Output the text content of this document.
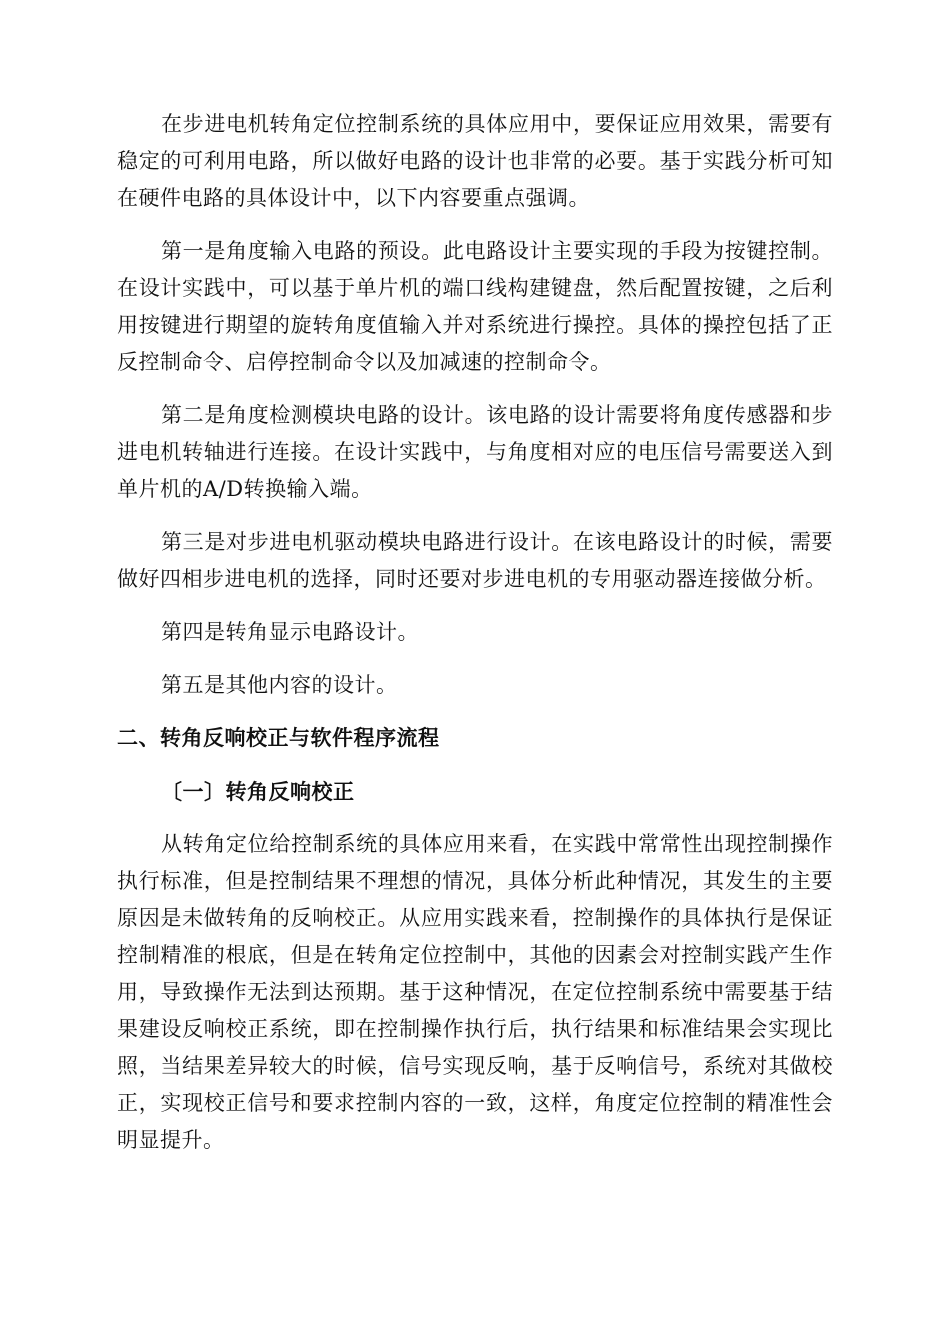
在步进电机转角定位控制系统的具体应用中，要保证应用效果，需要有稳定的可利用电路，所以做好电路的设计也非常的必要。基于实践分析可知在硬件电路的具体设计中，以下内容要重点强调。

第一是角度输入电路的预设。此电路设计主要实现的手段为按键控制。在设计实践中，可以基于单片机的端口线构建键盘，然后配置按键，之后利用按键进行期望的旋转角度值输入并对系统进行操控。具体的操控包括了正反控制命令、启停控制命令以及加减速的控制命令。

第二是角度检测模块电路的设计。该电路的设计需要将角度传感器和步进电机转轴进行连接。在设计实践中，与角度相对应的电压信号需要送入到单片机的A/D转换输入端。

第三是对步进电机驱动模块电路进行设计。在该电路设计的时候，需要做好四相步进电机的选择，同时还要对步进电机的专用驱动器连接做分析。

第四是转角显示电路设计。

第五是其他内容的设计。

二、转角反响校正与软件程序流程
〔一〕转角反响校正

从转角定位给控制系统的具体应用来看，在实践中常常性出现控制操作执行标准，但是控制结果不理想的情况，具体分析此种情况，其发生的主要原因是未做转角的反响校正。从应用实践来看，控制操作的具体执行是保证控制精准的根底，但是在转角定位控制中，其他的因素会对控制实践产生作用，导致操作无法到达预期。基于这种情况，在定位控制系统中需要基于结果建设反响校正系统，即在控制操作执行后，执行结果和标准结果会实现比照，当结果差异较大的时候，信号实现反响，基于反响信号，系统对其做校正，实现校正信号和要求控制内容的一致，这样，角度定位控制的精准性会明显提升。
